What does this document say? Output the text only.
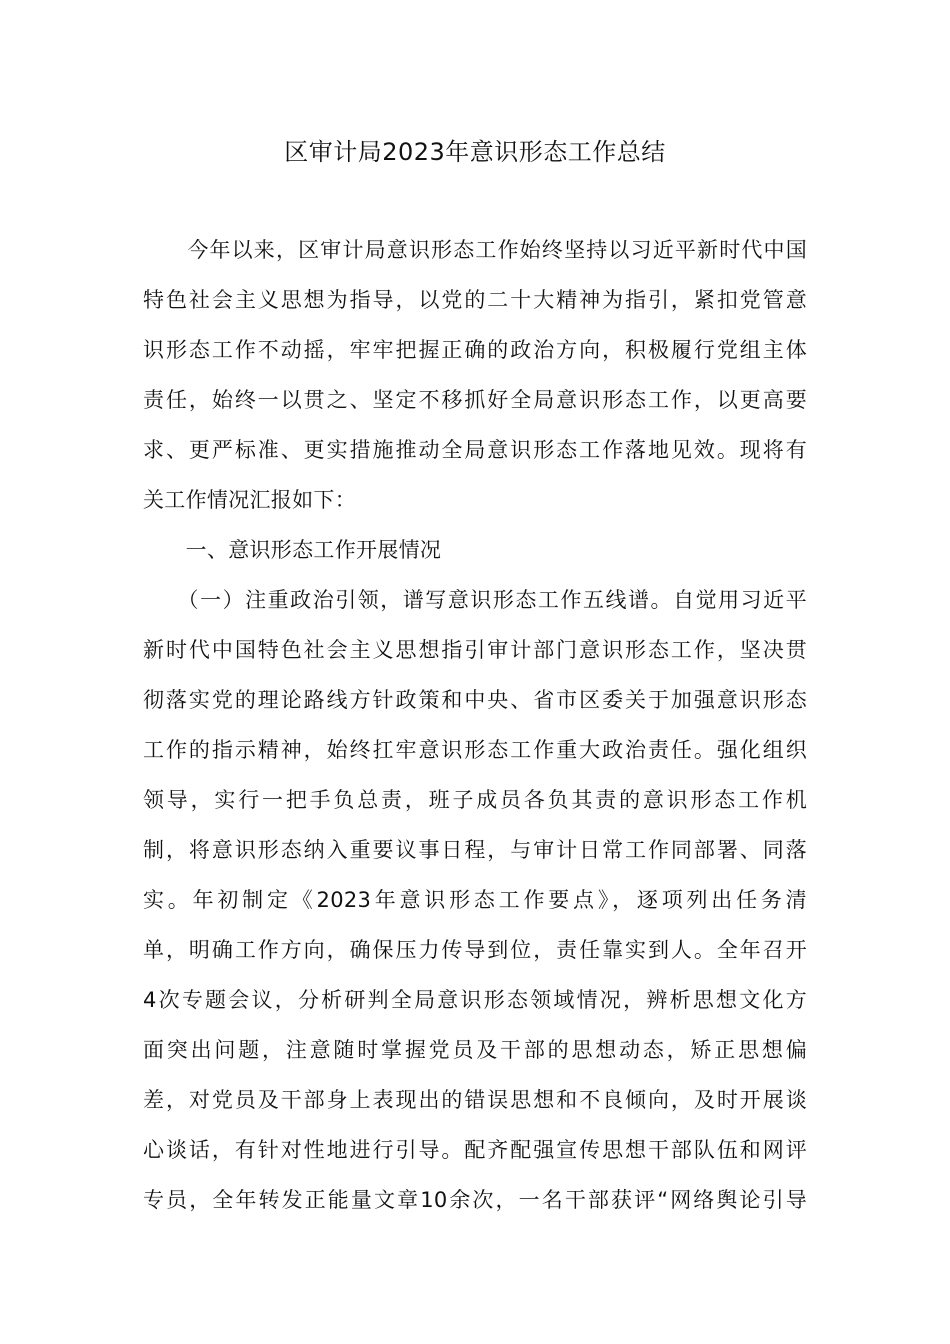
区审计局2023年意识形态工作总结
　　今年以来，区审计局意识形态工作始终坚持以习近平新时代中国
特色社会主义思想为指导，以党的二十大精神为指引，紧扣党管意
识形态工作不动摇，牢牢把握正确的政治方向，积极履行党组主体
责任，始终一以贯之、坚定不移抓好全局意识形态工作，以更高要
求、更严标准、更实措施推动全局意识形态工作落地见效。现将有
关工作情况汇报如下：
　　一、意识形态工作开展情况
　　（一）注重政治引领，谱写意识形态工作五线谱。自觉用习近平
新时代中国特色社会主义思想指引审计部门意识形态工作，坚决贯
彻落实党的理论路线方针政策和中央、省市区委关于加强意识形态
工作的指示精神，始终扛牢意识形态工作重大政治责任。强化组织
领导，实行一把手负总责，班子成员各负其责的意识形态工作机
制，将意识形态纳入重要议事日程，与审计日常工作同部署、同落
实。年初制定《2023年意识形态工作要点》，逐项列出任务清
单，明确工作方向，确保压力传导到位，责任靠实到人。全年召开
4次专题会议，分析研判全局意识形态领域情况，辨析思想文化方
面突出问题，注意随时掌握党员及干部的思想动态，矫正思想偏
差，对党员及干部身上表现出的错误思想和不良倾向，及时开展谈
心谈话，有针对性地进行引导。配齐配强宣传思想干部队伍和网评
专员，全年转发正能量文章10余次，一名干部获评“网络舆论引导
